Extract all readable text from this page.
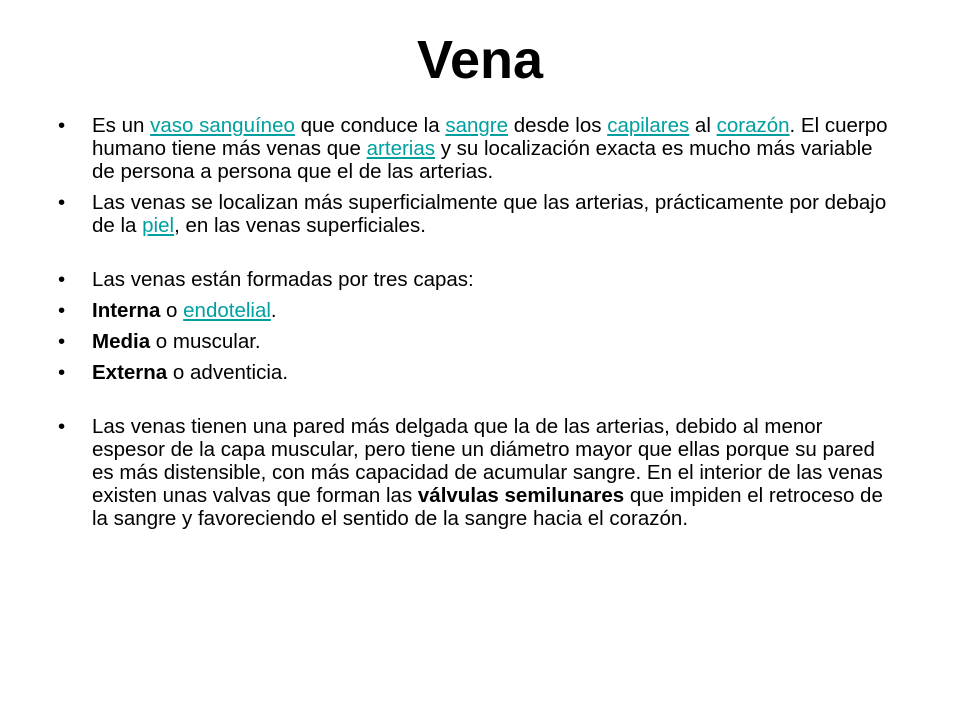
Vena
• Es un vaso sanguíneo que conduce la sangre desde los capilares al corazón. El cuerpo humano tiene más venas que arterias y su localización exacta es mucho más variable de persona a persona que el de las arterias.
• Las venas se localizan más superficialmente que las arterias, prácticamente por debajo de la piel, en las venas superficiales.
• Las venas están formadas por tres capas:
• Interna o endotelial.
• Media o muscular.
• Externa o adventicia.
• Las venas tienen una pared más delgada que la de las arterias, debido al menor espesor de la capa muscular, pero tiene un diámetro mayor que ellas porque su pared es más distensible, con más capacidad de acumular sangre. En el interior de las venas existen unas valvas que forman las válvulas semilunares que impiden el retroceso de la sangre y favoreciendo el sentido de la sangre hacia el corazón.
